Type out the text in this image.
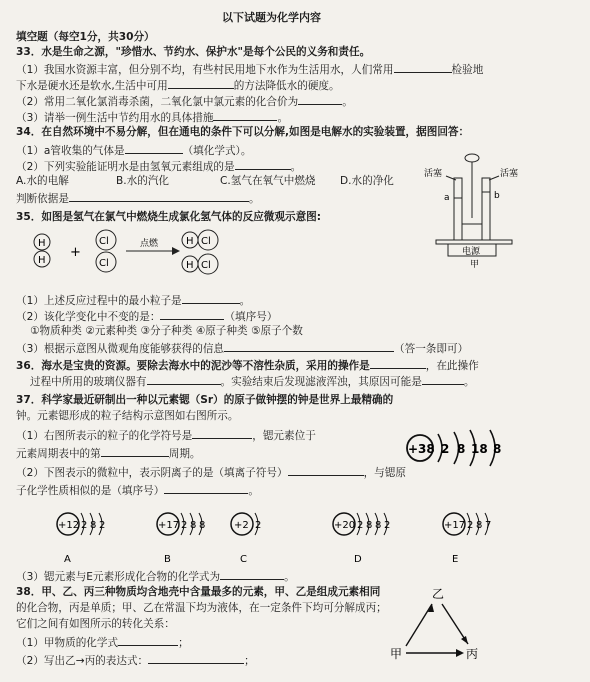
以下试题为化学内容
填空题（每空1分，共30分）
33．水是生命之源，"珍惜水、节约水、保护水"是每个公民的义务和责任。
（1）我国水资源丰富，但分别不均，有些村民用地下水作为生活用水，人们常用	检验地
下水是硬水还是软水,生活中可用	的方法降低水的硬度。
（2）常用二氧化氯消毒杀菌，二氧化氯中氯元素的化合价为	。
（3）请举一例生活中节约用水的具体措施	。
34．在自然环境中不易分解，但在通电的条件下可以分解,如图是电解水的实验装置，据图回答：
（1）a管收集的气体是	（填化学式）。
（2）下列实验能证明水是由氢氧元素组成的是	。
A.水的电解	B.水的汽化	C.氢气在氧气中燃烧 D.水的净化
判断依据是	。
活塞	活塞
a	b
电源
甲
35．如图是氢气在氯气中燃烧生成氯化氢气体的反应微观示意图:
H
H
+
Cl
Cl
点燃	H Cl
H Cl
（1）上述反应过程中的最小粒子是	。
（2）该化学变化中不变的是：	（填序号）
①物质种类 ②元素种类 ③分子种类 ④原子种类 ⑤原子个数
（3）根据示意图从微观角度能够获得的信息	（答一条即可）
36．海水是宝贵的资源。要除去海水中的泥沙等不溶性杂质，采用的操作是	，在此操作
过程中所用的玻璃仪器有	。实验结束后发现滤液浑浊，其原因可能是	。
37．科学家最近研制出一种以元素锶（Sr）的原子做钟摆的钟是世界上最精确的
钟。元素锶形成的粒子结构示意图如右图所示。
（1）右图所表示的粒子的化学符号是	，锶元素位于
元素周期表中的第	周期。
（2）下图表示的微粒中，表示阴离子的是（填离子符号）	，与锶原
子化学性质相似的是（填序号）	。
+38 2 8 18 8
+12 2 8 2
A
+17 2 8 8
B
+2 2
C
+20 2 8 8 2
D
+17 2 8 7
E
（3）锶元素与E元素形成化合物的化学式为	。
38．甲、乙、丙三种物质均含地壳中含量最多的元素，甲、乙是组成元素相同
的化合物，丙是单质；甲、乙在常温下均为液体，在一定条件下均可分解成丙；
它们之间有如图所示的转化关系：
（1）甲物质的化学式	；
（2）写出乙→丙的表达式：	；
乙
甲	丙
